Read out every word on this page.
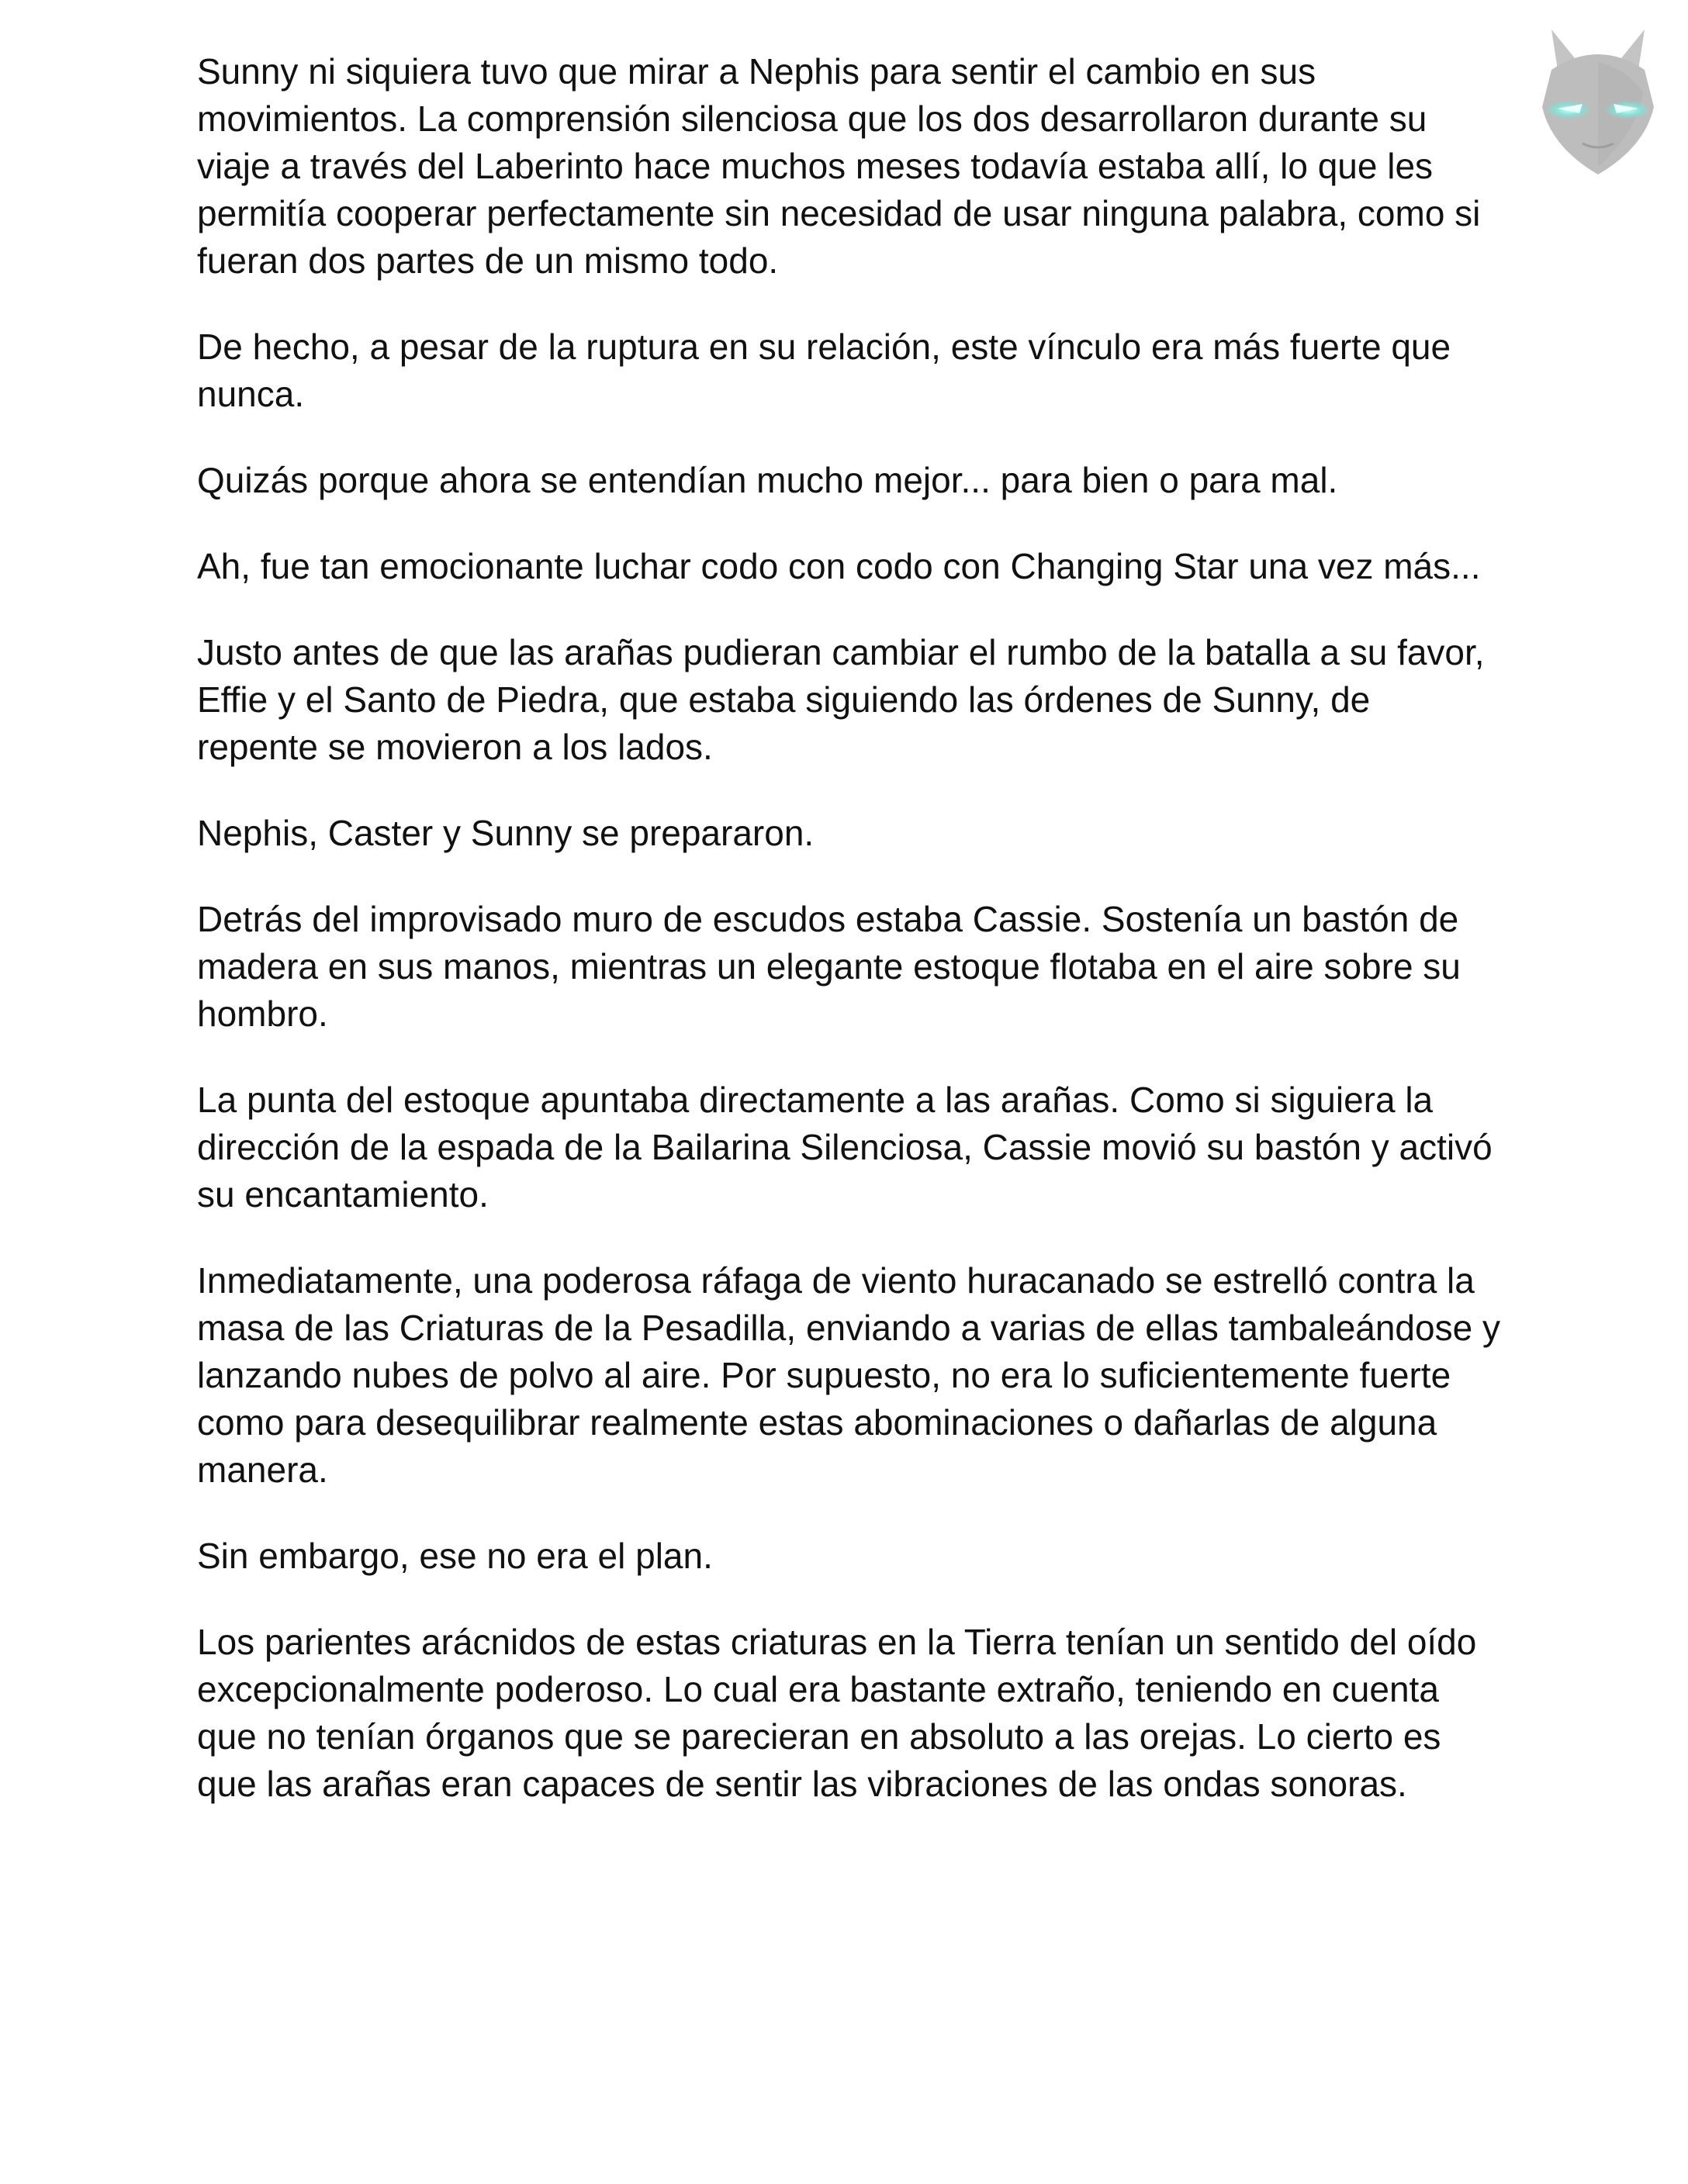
Sunny ni siquiera tuvo que mirar a Nephis para sentir el cambio en sus movimientos. La comprensión silenciosa que los dos desarrollaron durante su viaje a través del Laberinto hace muchos meses todavía estaba allí, lo que les permitía cooperar perfectamente sin necesidad de usar ninguna palabra, como si fueran dos partes de un mismo todo.

De hecho, a pesar de la ruptura en su relación, este vínculo era más fuerte que nunca.

Quizás porque ahora se entendían mucho mejor... para bien o para mal.

Ah, fue tan emocionante luchar codo con codo con Changing Star una vez más...

Justo antes de que las arañas pudieran cambiar el rumbo de la batalla a su favor, Effie y el Santo de Piedra, que estaba siguiendo las órdenes de Sunny, de repente se movieron a los lados.

Nephis, Caster y Sunny se prepararon.

Detrás del improvisado muro de escudos estaba Cassie. Sostenía un bastón de madera en sus manos, mientras un elegante estoque flotaba en el aire sobre su hombro.

La punta del estoque apuntaba directamente a las arañas. Como si siguiera la dirección de la espada de la Bailarina Silenciosa, Cassie movió su bastón y activó su encantamiento.

Inmediatamente, una poderosa ráfaga de viento huracanado se estrelló contra la masa de las Criaturas de la Pesadilla, enviando a varias de ellas tambaleándose y lanzando nubes de polvo al aire. Por supuesto, no era lo suficientemente fuerte como para desequilibrar realmente estas abominaciones o dañarlas de alguna manera.

Sin embargo, ese no era el plan.

Los parientes arácnidos de estas criaturas en la Tierra tenían un sentido del oído excepcionalmente poderoso. Lo cual era bastante extraño, teniendo en cuenta que no tenían órganos que se parecieran en absoluto a las orejas. Lo cierto es que las arañas eran capaces de sentir las vibraciones de las ondas sonoras.
